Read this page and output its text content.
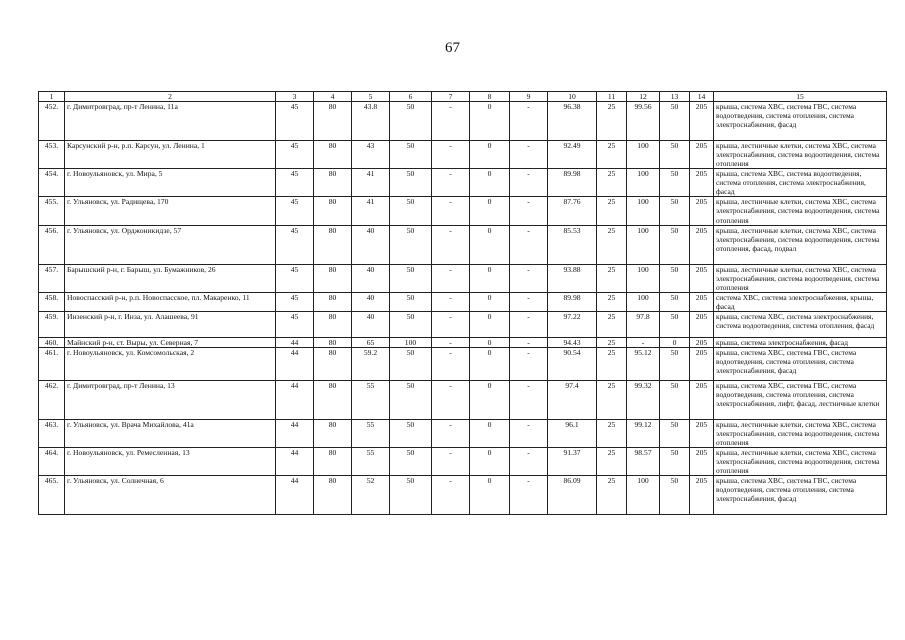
67
1	2	3	4	5	6	7	8	9	10	11	12	13	14	15
452.	г. Димитровград, пр-т Ленина, 11а	45	80	43.8	50	-	0	-	96.38	25	99.56	50	205	крыша, система ХВС, система ГВС, система водоотведения, система отопления, система электроснабжения, фасад
453.	Карсунский р-н, р.п. Карсун, ул. Ленина, 1	45	80	43	50	-	0	-	92.49	25	100	50	205	крыша, лестничные клетки, система ХВС, система электроснабжения, система водоотведения, система отопления
454.	г. Новоульяновск, ул. Мира, 5	45	80	41	50	-	0	-	89.98	25	100	50	205	крыша, система ХВС, система водоотведения, система отопления, система электроснабжения, фасад
455.	г. Ульяновск, ул. Радищева, 170	45	80	41	50	-	0	-	87.76	25	100	50	205	крыша, лестничные клетки, система ХВС, система электроснабжения, система водоотведения, система отопления
456.	г. Ульяновск, ул. Орджоникидзе, 57	45	80	40	50	-	0	-	85.53	25	100	50	205	крыша, лестничные клетки, система ХВС, система электроснабжения, система водоотведения, система отопления, фасад, подвал
457.	Барышский р-н, г. Барыш, ул. Бумажников, 26	45	80	40	50	-	0	-	93.88	25	100	50	205	крыша, лестничные клетки, система ХВС, система электроснабжения, система водоотведения, система отопления
458.	Новоспасский р-н, р.п. Новоспасское, пл. Макаренко, 11	45	80	40	50	-	0	-	89.98	25	100	50	205	система ХВС, система электроснабжения, крыша, фасад
459.	Инзенский р-н, г. Инза, ул. Алашеева, 91	45	80	40	50	-	0	-	97.22	25	97.8	50	205	крыша, система ХВС, система электроснабжения, система водоотведения, система отопления, фасад
460.	Майнский р-н, ст. Выры, ул. Северная, 7	44	80	65	100	-	0	-	94.43	25	-	0	205	крыша, система электроснабжения, фасад
461.	г. Новоульяновск, ул. Комсомольская, 2	44	80	59.2	50	-	0	-	90.54	25	95.12	50	205	крыша, система ХВС, система ГВС, система водоотведения, система отопления, система электроснабжения, фасад
462.	г. Димитровград, пр-т Ленина, 13	44	80	55	50	-	0	-	97.4	25	99.32	50	205	крыша, система ХВС, система ГВС, система водоотведения, система отопления, система электроснабжения, лифт, фасад, лестничные клетки
463.	г. Ульяновск, ул. Врача Михайлова, 41а	44	80	55	50	-	0	-	96.1	25	99.12	50	205	крыша, лестничные клетки, система ХВС, система электроснабжения, система водоотведения, система отопления
464.	г. Новоульяновск, ул. Ремесленная, 13	44	80	55	50	-	0	-	91.37	25	98.57	50	205	крыша, лестничные клетки, система ХВС, система электроснабжения, система водоотведения, система отопления
465.	г. Ульяновск, ул. Солнечная, 6	44	80	52	50	-	0	-	86.09	25	100	50	205	крыша, система ХВС, система ГВС, система водоотведения, система отопления, система электроснабжения, фасад
